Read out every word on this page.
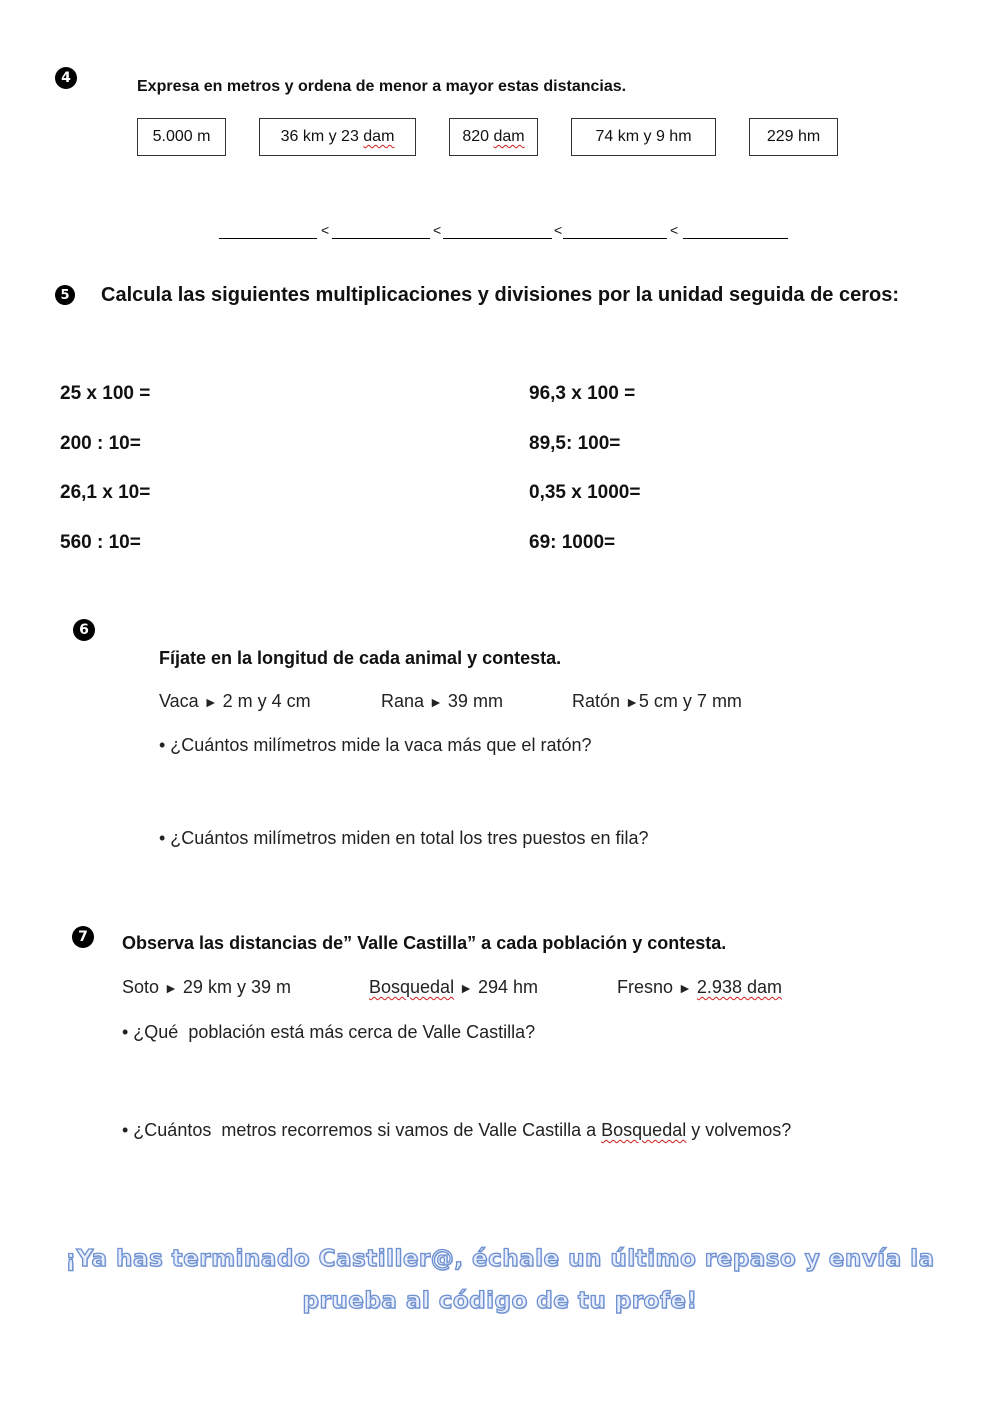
4	Expresa en metros y ordena de menor a mayor estas distancias.
5.000 m	36 km y 23 dam	820 dam	74 km y 9 hm	229 hm
<	<	<	<
5 Calcula las siguientes multiplicaciones y divisiones por la unidad seguida de ceros:
25 x 100 =
200 : 10=
26,1 x 10=
560 : 10=
96,3 x 100 =
89,5: 100=
0,35 x 1000=
69: 1000=
6
Fíjate en la longitud de cada animal y contesta.
Vaca ► 2 m y 4 cm	Rana ► 39 mm	Ratón ►5 cm y 7 mm
• ¿Cuántos milímetros mide la vaca más que el ratón?
• ¿Cuántos milímetros miden en total los tres puestos en fila?
7	Observa las distancias de” Valle Castilla” a cada población y contesta.
Soto ► 29 km y 39 m	Bosquedal ► 294 hm	Fresno ► 2.938 dam
• ¿Qué  población está más cerca de Valle Castilla?
• ¿Cuántos  metros recorremos si vamos de Valle Castilla a Bosquedal y volvemos?
¡Ya has terminado Castiller@, échale un último repaso y envía la
prueba al código de tu profe!
